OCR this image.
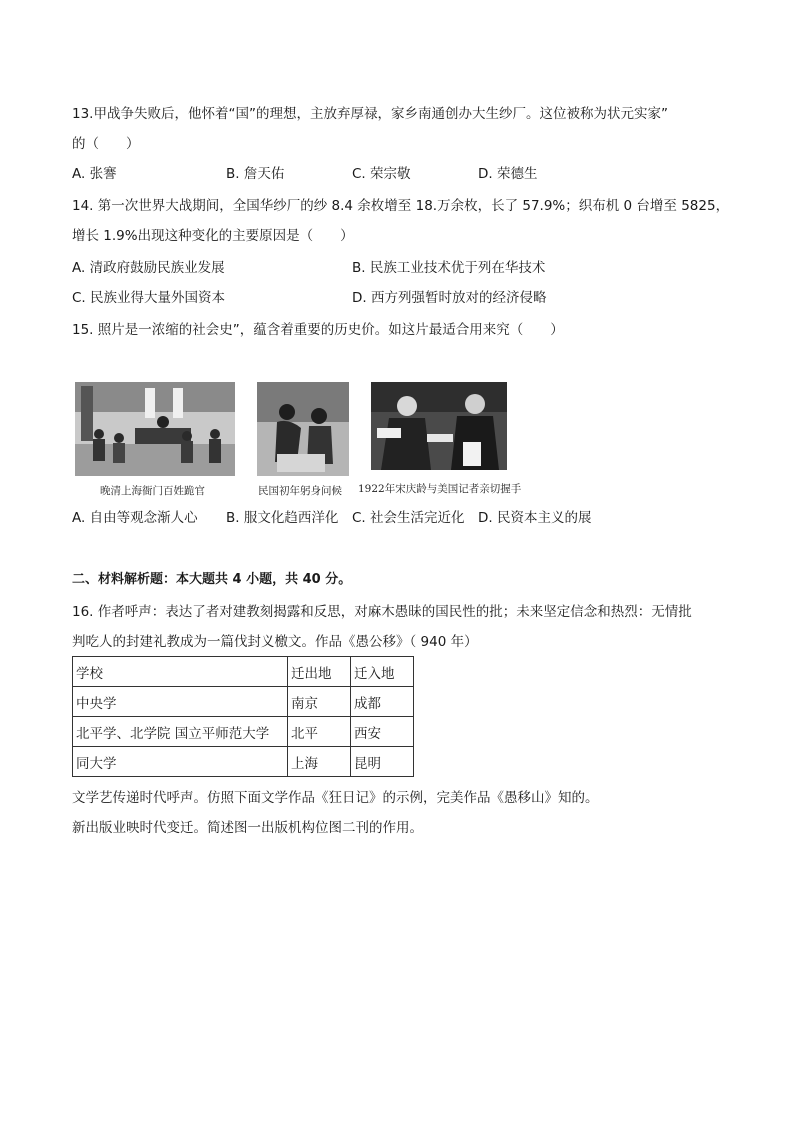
13.甲战争失败后，他怀着“国”的理想，主放弃厚禄，家乡南通创办大生纱厂。这位被称为状元实家”
的（　　）
A. 张謇	B. 詹天佑	C. 荣宗敬	D. 荣德生
14. 第一次世界大战期间，全国华纱厂的纱 8.4 余枚增至 18.万余枚，长了 57.9%；织布机 0 台增至 5825，
增长 1.9%出现这种变化的主要原因是（　　）
A. 清政府鼓励民族业发展	B. 民族工业技术优于列在华技术
C. 民族业得大量外国资本	D. 西方列强暂时放对的经济侵略
15. 照片是一浓缩的社会史”，蕴含着重要的历史价。如这片最适合用来究（　　）
晚清上海衙门百姓跪官	民国初年躬身问候 1922年宋庆龄与美国记者亲切握手
A. 自由等观念渐人心 B. 服文化趋西洋化 C. 社会生活完近化 D. 民资本主义的展
二、材料解析题：本大题共 4 小题，共 40 分。
16. 作者呼声：表达了者对建教刻揭露和反思，对麻木愚昧的国民性的批；未来坚定信念和热烈：无情批
判吃人的封建礼教成为一篇伐封义檄文。作品《愚公移》（ 940 年）
学校	迁出地	迁入地
中央学	南京	成都
北平学、北学院 国立平师范大学	北平	西安
同大学	上海	昆明
文学艺传递时代呼声。仿照下面文学作品《狂日记》的示例，完美作品《愚移山》知的。
新出版业映时代变迁。简述图一出版机构位图二刊的作用。
